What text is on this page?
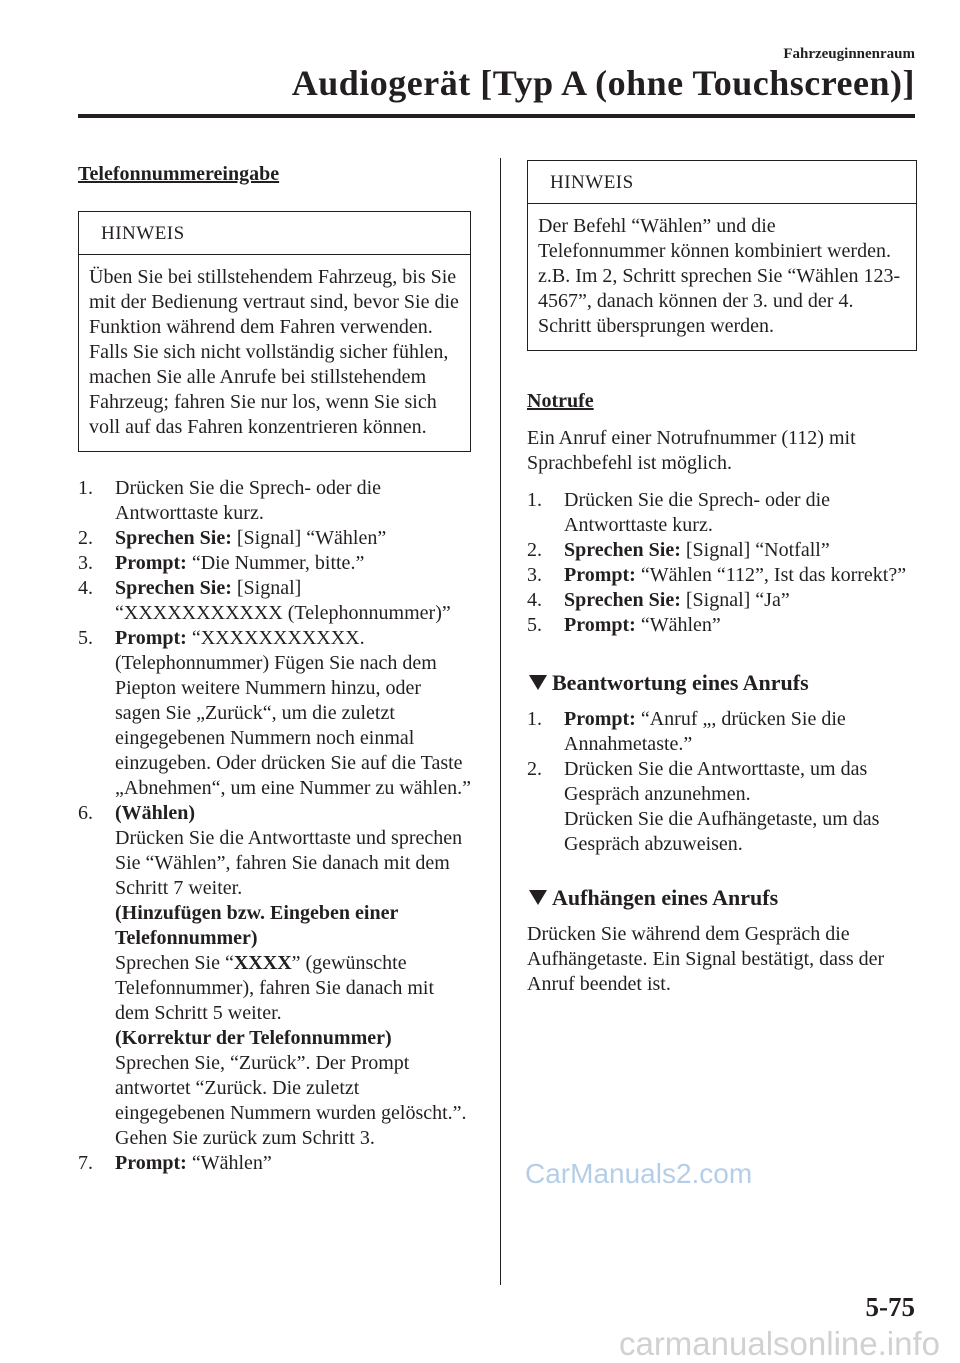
Fahrzeuginnenraum
Audiogerät [Typ A (ohne Touchscreen)]

Telefonnummereingabe

HINWEIS
Üben Sie bei stillstehendem Fahrzeug, bis Sie mit der Bedienung vertraut sind, bevor Sie die Funktion während dem Fahren verwenden. Falls Sie sich nicht vollständig sicher fühlen, machen Sie alle Anrufe bei stillstehendem Fahrzeug; fahren Sie nur los, wenn Sie sich voll auf das Fahren konzentrieren können.
1. Drücken Sie die Sprech- oder die Antworttaste kurz.
2. Sprechen Sie: [Signal] “Wählen”
3. Prompt: “Die Nummer, bitte.”
4. Sprechen Sie: [Signal] “XXXXXXXXXXX (Telephonnummer)”
5. Prompt: “XXXXXXXXXXX. (Telephonnummer) Fügen Sie nach dem Piepton weitere Nummern hinzu, oder sagen Sie „Zurück“, um die zuletzt eingegebenen Nummern noch einmal einzugeben. Oder drücken Sie auf die Taste „Abnehmen“, um eine Nummer zu wählen.”
6. (Wählen)
Drücken Sie die Antworttaste und sprechen Sie “Wählen”, fahren Sie danach mit dem Schritt 7 weiter.
(Hinzufügen bzw. Eingeben einer Telefonnummer)
Sprechen Sie “XXXX” (gewünschte Telefonnummer), fahren Sie danach mit dem Schritt 5 weiter.
(Korrektur der Telefonnummer)
Sprechen Sie, “Zurück”. Der Prompt antwortet “Zurück. Die zuletzt eingegebenen Nummern wurden gelöscht.”. Gehen Sie zurück zum Schritt 3.
7. Prompt: “Wählen”
HINWEIS
Der Befehl “Wählen” und die Telefonnummer können kombiniert werden.
z.B. Im 2, Schritt sprechen Sie “Wählen 123-4567”, danach können der 3. und der 4. Schritt übersprungen werden.

Notrufe

Ein Anruf einer Notrufnummer (112) mit Sprachbefehl ist möglich.
1. Drücken Sie die Sprech- oder die Antworttaste kurz.
2. Sprechen Sie: [Signal] “Notfall”
3. Prompt: “Wählen “112”, Ist das korrekt?”
4. Sprechen Sie: [Signal] “Ja”
5. Prompt: “Wählen”

Beantwortung eines Anrufs

1. Prompt: “Anruf „, drücken Sie die Annahmetaste.”
2. Drücken Sie die Antworttaste, um das Gespräch anzunehmen.
Drücken Sie die Aufhängetaste, um das Gespräch abzuweisen.

Aufhängen eines Anrufs

Drücken Sie während dem Gespräch die Aufhängetaste. Ein Signal bestätigt, dass der Anruf beendet ist.
5-75
CarManuals2.com
carmanualsonline.info
